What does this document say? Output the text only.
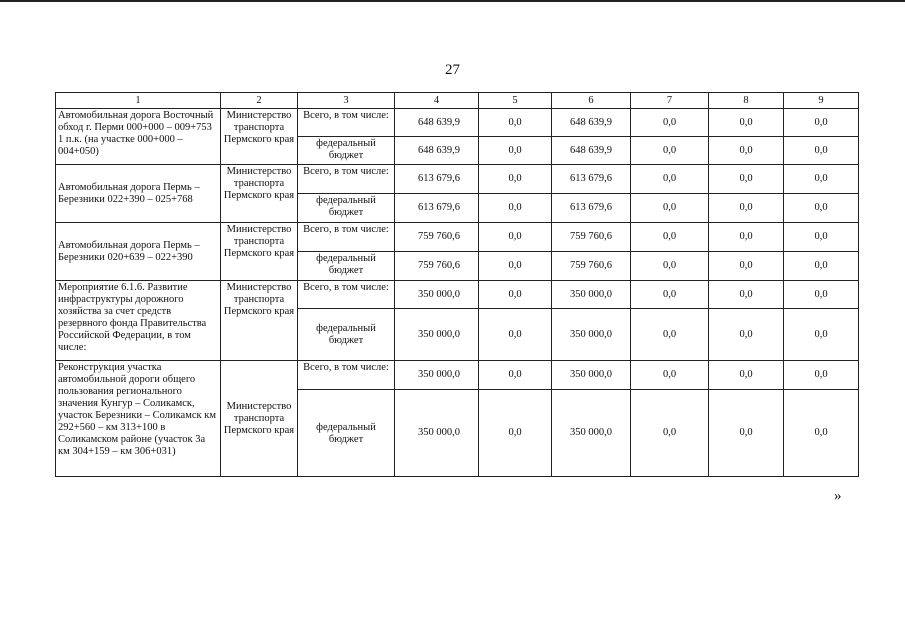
27
1	2	3	4	5	6	7	8	9
Автомобильная дорога Восточный обход г. Перми 000+000 – 009+753 1 п.к. (на участке 000+000 – 004+050)	Министерство транспорта Пермского края	Всего, в том числе:	648 639,9	0,0	648 639,9	0,0	0,0	0,0
		федеральный бюджет	648 639,9	0,0	648 639,9	0,0	0,0	0,0
Автомобильная дорога Пермь – Березники 022+390 – 025+768	Министерство транспорта Пермского края	Всего, в том числе:	613 679,6	0,0	613 679,6	0,0	0,0	0,0
		федеральный бюджет	613 679,6	0,0	613 679,6	0,0	0,0	0,0
Автомобильная дорога Пермь – Березники 020+639 – 022+390	Министерство транспорта Пермского края	Всего, в том числе:	759 760,6	0,0	759 760,6	0,0	0,0	0,0
		федеральный бюджет	759 760,6	0,0	759 760,6	0,0	0,0	0,0
Мероприятие 6.1.6. Развитие инфраструктуры дорожного хозяйства за счет средств резервного фонда Правительства Российской Федерации, в том числе:	Министерство транспорта Пермского края	Всего, в том числе:	350 000,0	0,0	350 000,0	0,0	0,0	0,0
		федеральный бюджет	350 000,0	0,0	350 000,0	0,0	0,0	0,0
Реконструкция участка автомобильной дороги общего пользования регионального значения Кунгур – Соликамск, участок Березники – Соликамск км 292+560 – км 313+100 в Соликамском районе (участок 3а км 304+159 – км 306+031)	Министерство транспорта Пермского края	Всего, в том числе:	350 000,0	0,0	350 000,0	0,0	0,0	0,0
		федеральный бюджет	350 000,0	0,0	350 000,0	0,0	0,0	0,0
»
